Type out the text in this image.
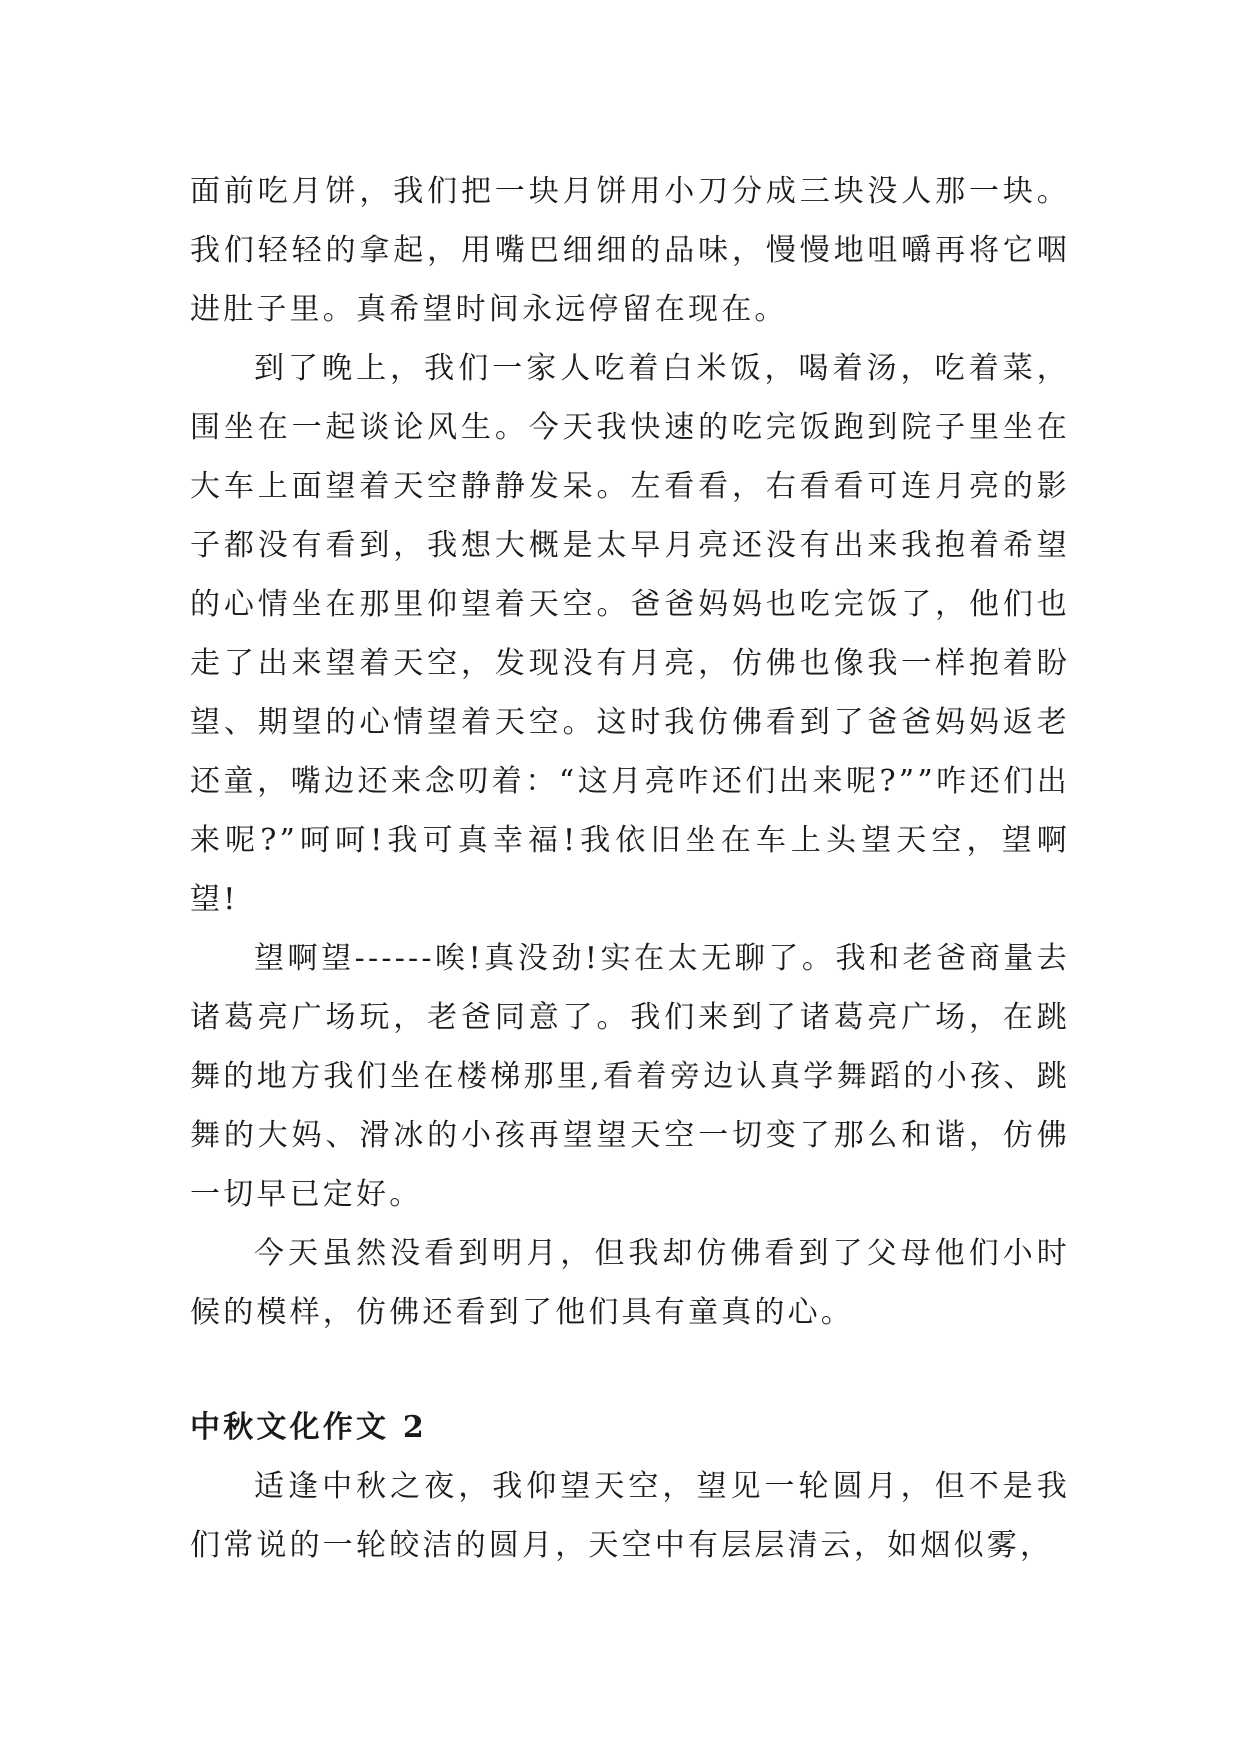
面前吃月饼，我们把一块月饼用小刀分成三块没人那一块。我们轻轻的拿起，用嘴巴细细的品味，慢慢地咀嚼再将它咽进肚子里。真希望时间永远停留在现在。

到了晚上，我们一家人吃着白米饭，喝着汤，吃着菜，围坐在一起谈论风生。今天我快速的吃完饭跑到院子里坐在大车上面望着天空静静发呆。左看看，右看看可连月亮的影子都没有看到，我想大概是太早月亮还没有出来我抱着希望的心情坐在那里仰望着天空。爸爸妈妈也吃完饭了，他们也走了出来望着天空，发现没有月亮，仿佛也像我一样抱着盼望、期望的心情望着天空。这时我仿佛看到了爸爸妈妈返老还童，嘴边还来念叨着：“这月亮咋还们出来呢?””咋还们出来呢?”呵呵!我可真幸福!我依旧坐在车上头望天空，望啊望!

望啊望------唉!真没劲!实在太无聊了。我和老爸商量去诸葛亮广场玩，老爸同意了。我们来到了诸葛亮广场，在跳舞的地方我们坐在楼梯那里,看着旁边认真学舞蹈的小孩、跳舞的大妈、滑冰的小孩再望望天空一切变了那么和谐，仿佛一切早已定好。

今天虽然没看到明月，但我却仿佛看到了父母他们小时候的模样，仿佛还看到了他们具有童真的心。

中秋文化作文 2

适逢中秋之夜，我仰望天空，望见一轮圆月，但不是我们常说的一轮皎洁的圆月，天空中有层层清云，如烟似雾，
